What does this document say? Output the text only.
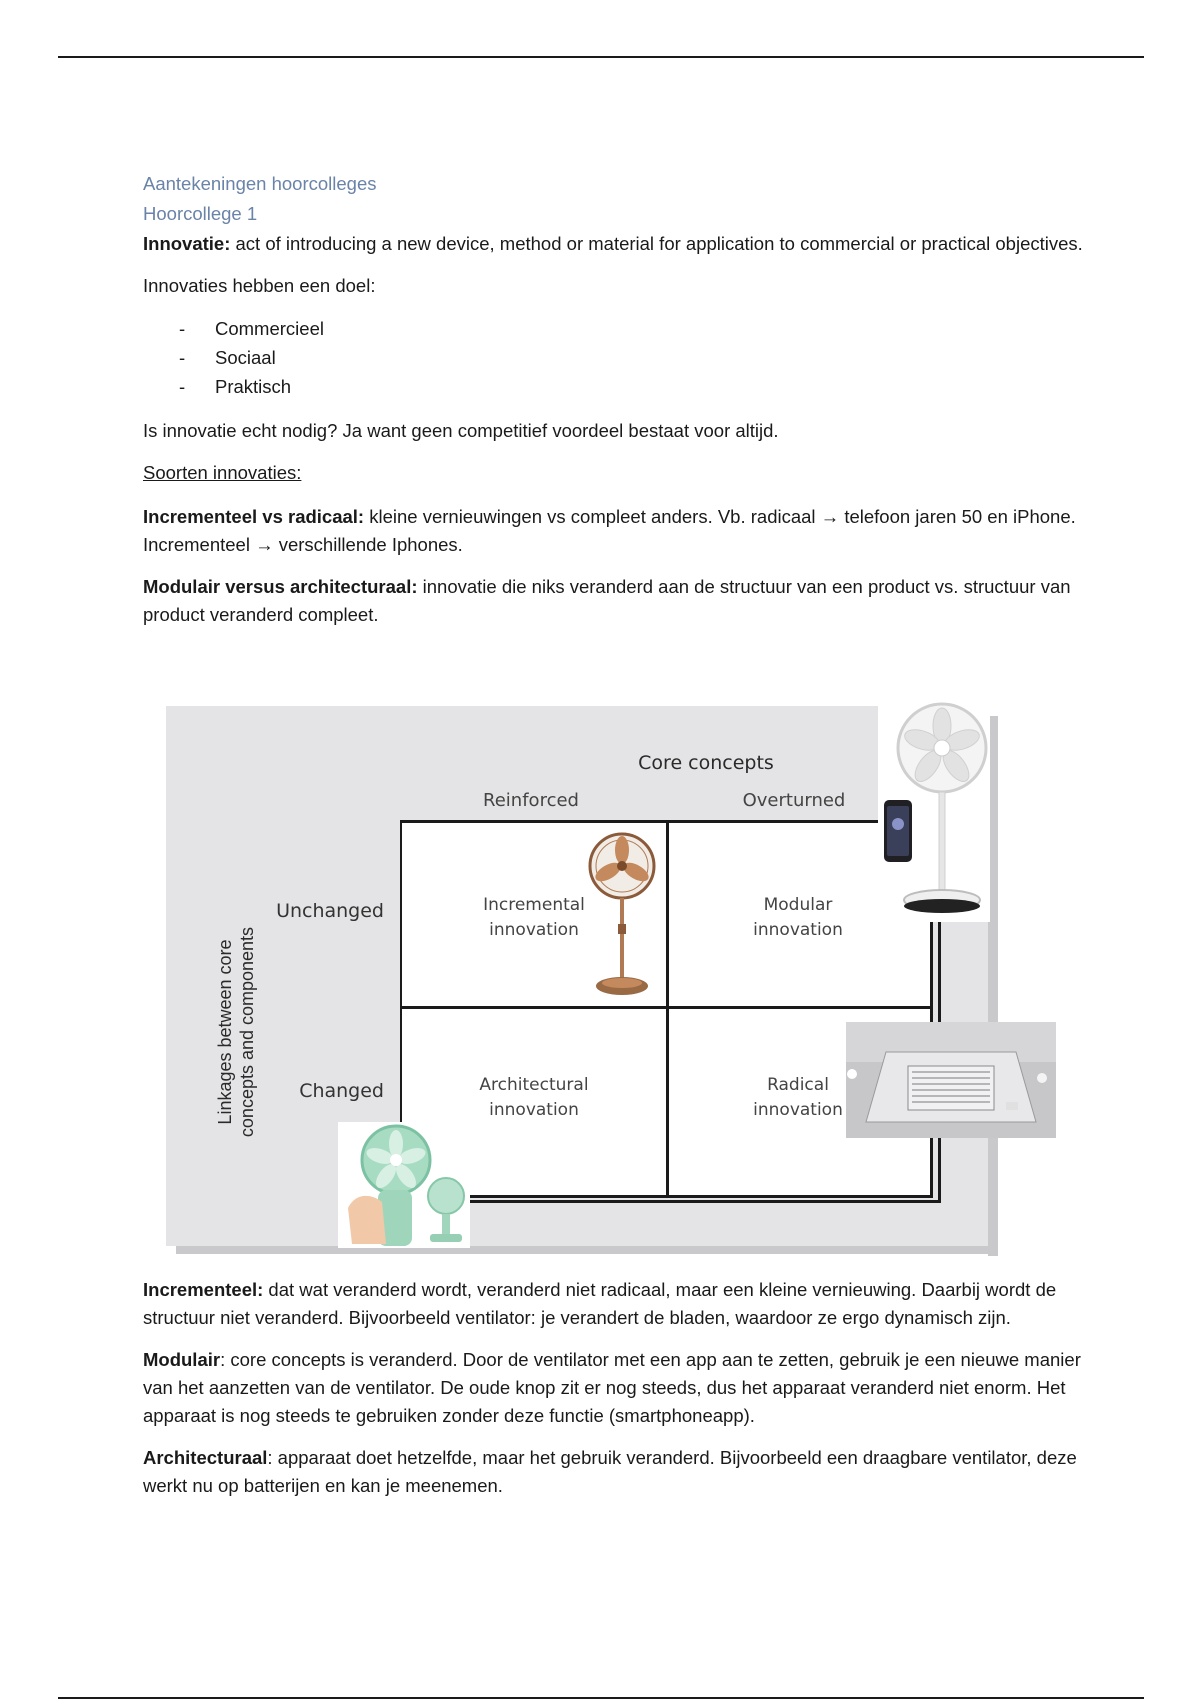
Aantekeningen hoorcolleges
Hoorcollege 1

Innovatie: act of introducing a new device, method or material for application to commercial or practical objectives.

Innovaties hebben een doel:

- Commercieel
- Sociaal
- Praktisch

Is innovatie echt nodig? Ja want geen competitief voordeel bestaat voor altijd.

Soorten innovaties:

Incrementeel vs radicaal: kleine vernieuwingen vs compleet anders. Vb. radicaal → telefoon jaren 50 en iPhone. Incrementeel → verschillende Iphones.

Modulair versus architecturaal: innovatie die niks veranderd aan de structuur van een product vs. structuur van product veranderd compleet.

Core concepts
Reinforced	Overturned
Unchanged
Changed
Linkages between core concepts and components
Incremental
innovation
Modular
innovation
Architectural
innovation
Radical
innovation

Incrementeel: dat wat veranderd wordt, veranderd niet radicaal, maar een kleine vernieuwing. Daarbij wordt de structuur niet veranderd. Bijvoorbeeld ventilator: je verandert de bladen, waardoor ze ergo dynamisch zijn.

Modulair: core concepts is veranderd. Door de ventilator met een app aan te zetten, gebruik je een nieuwe manier van het aanzetten van de ventilator. De oude knop zit er nog steeds, dus het apparaat veranderd niet enorm. Het apparaat is nog steeds te gebruiken zonder deze functie (smartphoneapp).

Architecturaal: apparaat doet hetzelfde, maar het gebruik veranderd. Bijvoorbeeld een draagbare ventilator, deze werkt nu op batterijen en kan je meenemen.
